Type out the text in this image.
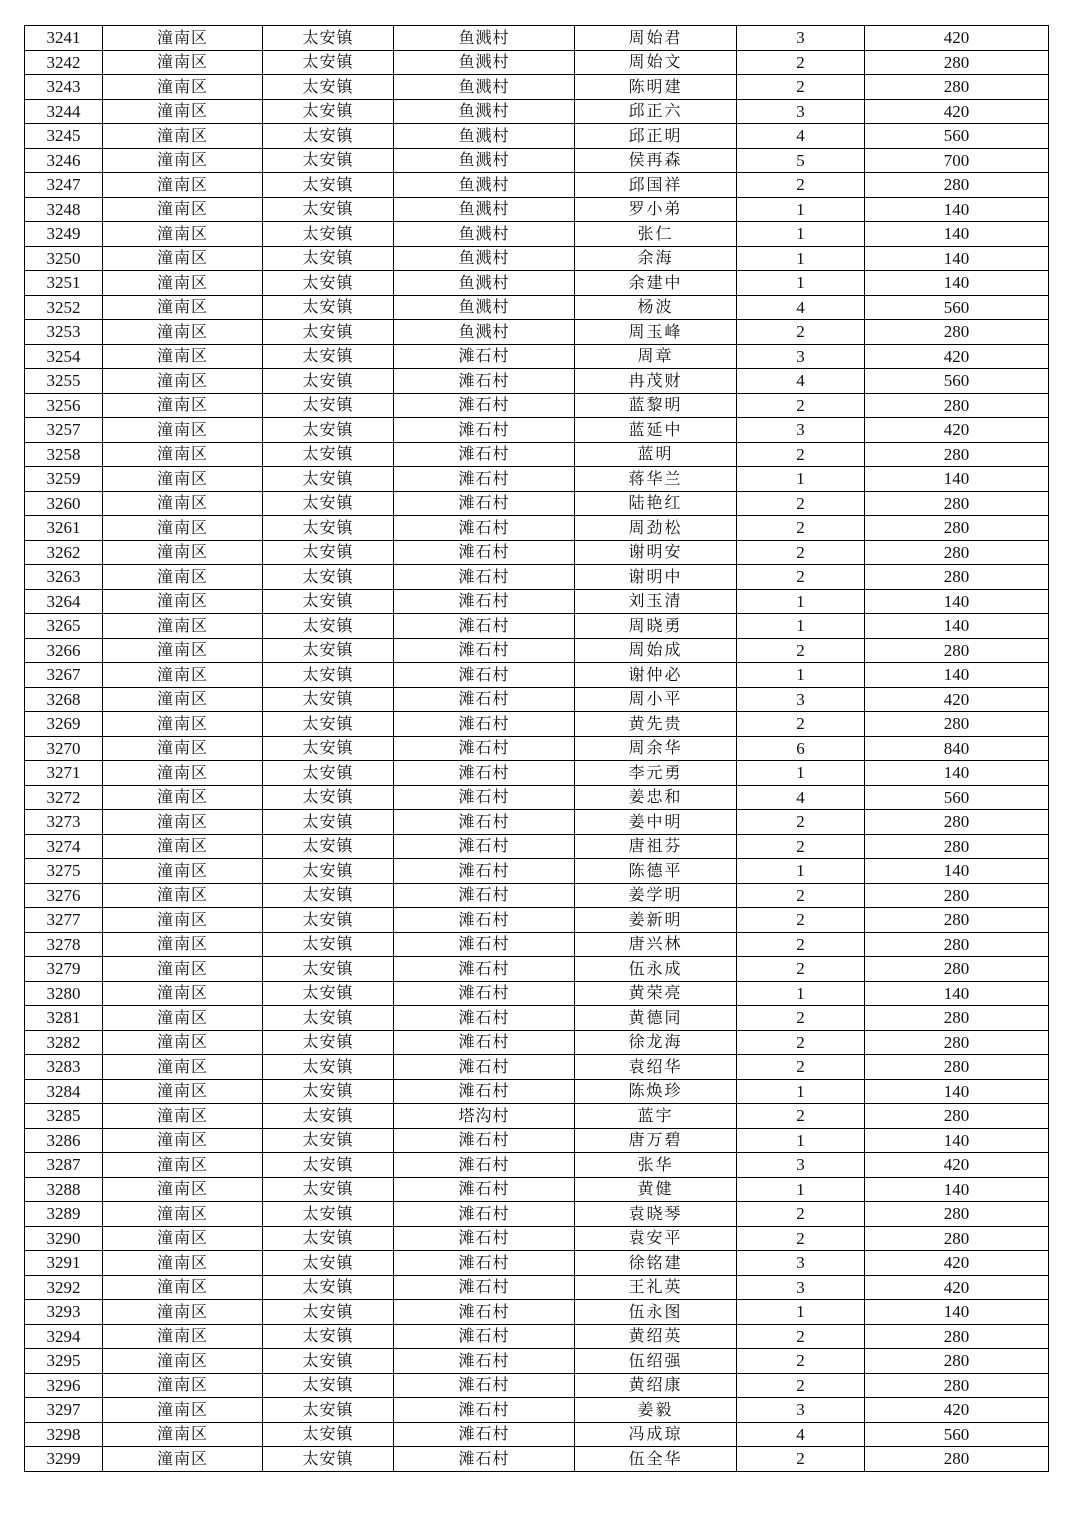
3241	潼南区	太安镇	鱼溅村	周始君	3	420
3242	潼南区	太安镇	鱼溅村	周始文	2	280
3243	潼南区	太安镇	鱼溅村	陈明建	2	280
3244	潼南区	太安镇	鱼溅村	邱正六	3	420
3245	潼南区	太安镇	鱼溅村	邱正明	4	560
3246	潼南区	太安镇	鱼溅村	侯再森	5	700
3247	潼南区	太安镇	鱼溅村	邱国祥	2	280
3248	潼南区	太安镇	鱼溅村	罗小弟	1	140
3249	潼南区	太安镇	鱼溅村	张仁	1	140
3250	潼南区	太安镇	鱼溅村	余海	1	140
3251	潼南区	太安镇	鱼溅村	余建中	1	140
3252	潼南区	太安镇	鱼溅村	杨波	4	560
3253	潼南区	太安镇	鱼溅村	周玉峰	2	280
3254	潼南区	太安镇	滩石村	周章	3	420
3255	潼南区	太安镇	滩石村	冉茂财	4	560
3256	潼南区	太安镇	滩石村	蓝黎明	2	280
3257	潼南区	太安镇	滩石村	蓝延中	3	420
3258	潼南区	太安镇	滩石村	蓝明	2	280
3259	潼南区	太安镇	滩石村	蒋华兰	1	140
3260	潼南区	太安镇	滩石村	陆艳红	2	280
3261	潼南区	太安镇	滩石村	周劲松	2	280
3262	潼南区	太安镇	滩石村	谢明安	2	280
3263	潼南区	太安镇	滩石村	谢明中	2	280
3264	潼南区	太安镇	滩石村	刘玉清	1	140
3265	潼南区	太安镇	滩石村	周晓勇	1	140
3266	潼南区	太安镇	滩石村	周始成	2	280
3267	潼南区	太安镇	滩石村	谢仲必	1	140
3268	潼南区	太安镇	滩石村	周小平	3	420
3269	潼南区	太安镇	滩石村	黄先贵	2	280
3270	潼南区	太安镇	滩石村	周余华	6	840
3271	潼南区	太安镇	滩石村	李元勇	1	140
3272	潼南区	太安镇	滩石村	姜忠和	4	560
3273	潼南区	太安镇	滩石村	姜中明	2	280
3274	潼南区	太安镇	滩石村	唐祖芬	2	280
3275	潼南区	太安镇	滩石村	陈德平	1	140
3276	潼南区	太安镇	滩石村	姜学明	2	280
3277	潼南区	太安镇	滩石村	姜新明	2	280
3278	潼南区	太安镇	滩石村	唐兴林	2	280
3279	潼南区	太安镇	滩石村	伍永成	2	280
3280	潼南区	太安镇	滩石村	黄荣亮	1	140
3281	潼南区	太安镇	滩石村	黄德同	2	280
3282	潼南区	太安镇	滩石村	徐龙海	2	280
3283	潼南区	太安镇	滩石村	袁绍华	2	280
3284	潼南区	太安镇	滩石村	陈焕珍	1	140
3285	潼南区	太安镇	塔沟村	蓝宇	2	280
3286	潼南区	太安镇	滩石村	唐万碧	1	140
3287	潼南区	太安镇	滩石村	张华	3	420
3288	潼南区	太安镇	滩石村	黄健	1	140
3289	潼南区	太安镇	滩石村	袁晓琴	2	280
3290	潼南区	太安镇	滩石村	袁安平	2	280
3291	潼南区	太安镇	滩石村	徐铭建	3	420
3292	潼南区	太安镇	滩石村	王礼英	3	420
3293	潼南区	太安镇	滩石村	伍永图	1	140
3294	潼南区	太安镇	滩石村	黄绍英	2	280
3295	潼南区	太安镇	滩石村	伍绍强	2	280
3296	潼南区	太安镇	滩石村	黄绍康	2	280
3297	潼南区	太安镇	滩石村	姜毅	3	420
3298	潼南区	太安镇	滩石村	冯成琼	4	560
3299	潼南区	太安镇	滩石村	伍全华	2	280
